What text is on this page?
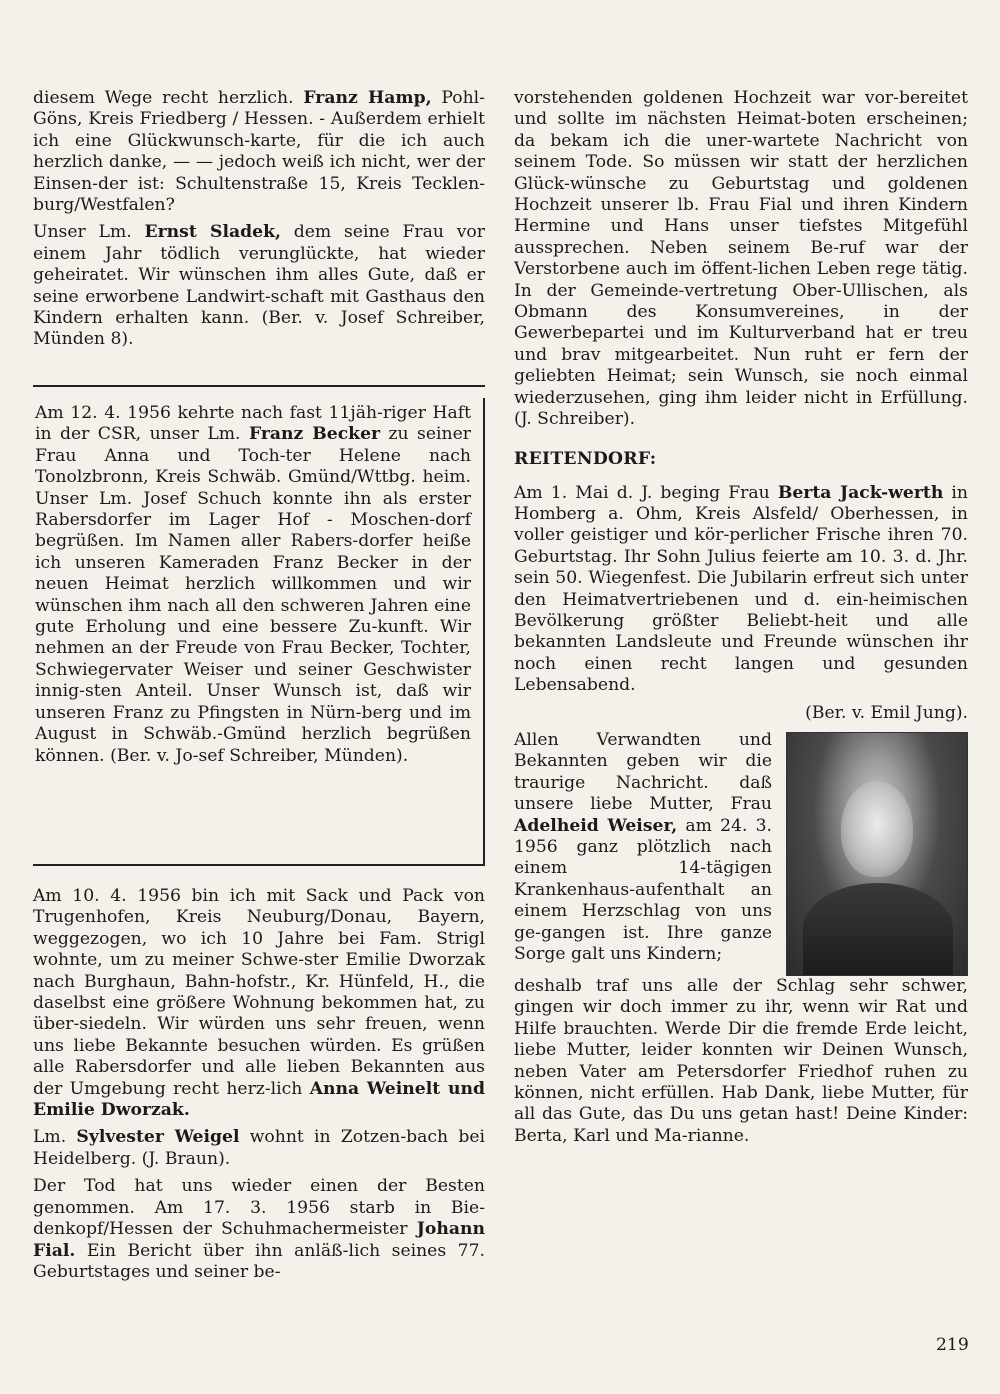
diesem Wege recht herzlich. Franz Hamp, Pohl-Göns, Kreis Friedberg / Hessen. - Außerdem erhielt ich eine Glückwunsch-karte, für die ich auch herzlich danke, — — jedoch weiß ich nicht, wer der Einsen-der ist: Schultenstraße 15, Kreis Tecklen-burg/Westfalen?

Unser Lm. Ernst Sladek, dem seine Frau vor einem Jahr tödlich verunglückte, hat wieder geheiratet. Wir wünschen ihm alles Gute, daß er seine erworbene Landwirt-schaft mit Gasthaus den Kindern erhalten kann. (Ber. v. Josef Schreiber, Münden 8).

Am 12. 4. 1956 kehrte nach fast 11jäh-riger Haft in der CSR, unser Lm. Franz Becker zu seiner Frau Anna und Toch-ter Helene nach Tonolzbronn, Kreis Schwäb. Gmünd/Wttbg. heim. Unser Lm. Josef Schuch konnte ihn als erster Rabersdorfer im Lager Hof - Moschen-dorf begrüßen. Im Namen aller Rabers-dorfer heiße ich unseren Kameraden Franz Becker in der neuen Heimat herzlich willkommen und wir wünschen ihm nach all den schweren Jahren eine gute Erholung und eine bessere Zu-kunft. Wir nehmen an der Freude von Frau Becker, Tochter, Schwiegervater Weiser und seiner Geschwister innig-sten Anteil. Unser Wunsch ist, daß wir unseren Franz zu Pfingsten in Nürn-berg und im August in Schwäb.-Gmünd herzlich begrüßen können. (Ber. v. Jo-sef Schreiber, Münden).

Am 10. 4. 1956 bin ich mit Sack und Pack von Trugenhofen, Kreis Neuburg/Donau, Bayern, weggezogen, wo ich 10 Jahre bei Fam. Strigl wohnte, um zu meiner Schwe-ster Emilie Dworzak nach Burghaun, Bahn-hofstr., Kr. Hünfeld, H., die daselbst eine größere Wohnung bekommen hat, zu über-siedeln. Wir würden uns sehr freuen, wenn uns liebe Bekannte besuchen würden. Es grüßen alle Rabersdorfer und alle lieben Bekannten aus der Umgebung recht herz-lich Anna Weinelt und Emilie Dworzak.

Lm. Sylvester Weigel wohnt in Zotzen-bach bei Heidelberg. (J. Braun).

Der Tod hat uns wieder einen der Besten genommen. Am 17. 3. 1956 starb in Bie-denkopf/Hessen der Schuhmachermeister Johann Fial. Ein Bericht über ihn anläß-lich seines 77. Geburtstages und seiner be-

vorstehenden goldenen Hochzeit war vor-bereitet und sollte im nächsten Heimat-boten erscheinen; da bekam ich die uner-wartete Nachricht von seinem Tode. So müssen wir statt der herzlichen Glück-wünsche zu Geburtstag und goldenen Hochzeit unserer lb. Frau Fial und ihren Kindern Hermine und Hans unser tiefstes Mitgefühl aussprechen. Neben seinem Be-ruf war der Verstorbene auch im öffent-lichen Leben rege tätig. In der Gemeinde-vertretung Ober-Ullischen, als Obmann des Konsumvereines, in der Gewerbepartei und im Kulturverband hat er treu und brav mitgearbeitet. Nun ruht er fern der geliebten Heimat; sein Wunsch, sie noch einmal wiederzusehen, ging ihm leider nicht in Erfüllung. (J. Schreiber).

REITENDORF:

Am 1. Mai d. J. beging Frau Berta Jack-werth in Homberg a. Ohm, Kreis Alsfeld/ Oberhessen, in voller geistiger und kör-perlicher Frische ihren 70. Geburtstag. Ihr Sohn Julius feierte am 10. 3. d. Jhr. sein 50. Wiegenfest. Die Jubilarin erfreut sich unter den Heimatvertriebenen und d. ein-heimischen Bevölkerung größter Beliebt-heit und alle bekannten Landsleute und Freunde wünschen ihr noch einen recht langen und gesunden Lebensabend.

(Ber. v. Emil Jung).

Allen Verwandten und Bekannten geben wir die traurige Nachricht. daß unsere liebe Mutter, Frau Adelheid Weiser, am 24. 3. 1956 ganz plötzlich nach einem 14-tägigen Krankenhaus-aufenthalt an einem Herzschlag von uns ge-gangen ist. Ihre ganze Sorge galt uns Kindern;

deshalb traf uns alle der Schlag sehr schwer, gingen wir doch immer zu ihr, wenn wir Rat und Hilfe brauchten. Werde Dir die fremde Erde leicht, liebe Mutter, leider konnten wir Deinen Wunsch, neben Vater am Petersdorfer Friedhof ruhen zu können, nicht erfüllen. Hab Dank, liebe Mutter, für all das Gute, das Du uns getan hast! Deine Kinder: Berta, Karl und Ma-rianne.

219
